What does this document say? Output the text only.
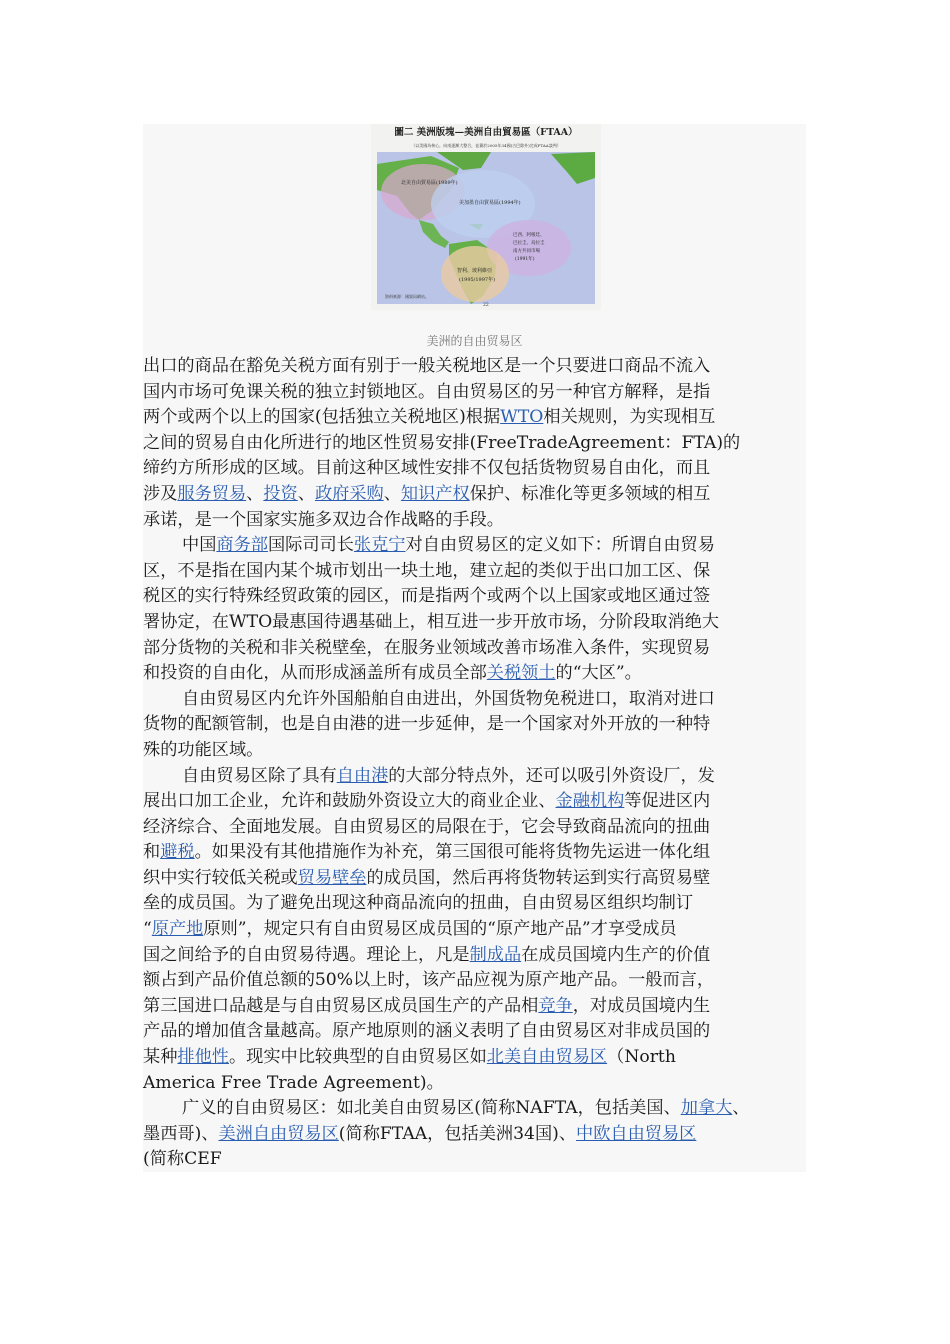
圖二 美洲版塊—美洲自由貿易區（FTAA）
（以美國為核心，向南逐漸大整合，並冀於2005年34國(古巴除外)完成FTAA談判）
北美自由貿易區(1989年)
美加墨自由貿易區(1994年)
巴西、阿根廷、
巴拉圭、烏拉圭
南方共同市場
(1991年)
智利、玻利維亞
(1995/1997年)
資料來源：國貿局網站。
22
美洲的自由贸易区

出口的商品在豁免关税方面有别于一般关税地区是一个只要进口商品不流入

国内市场可免课关税的独立封锁地区。自由贸易区的另一种官方解释，是指

两个或两个以上的国家(包括独立关税地区)根据WTO相关规则，为实现相互

之间的贸易自由化所进行的地区性贸易安排(FreeTradeAgreement：FTA)的

缔约方所形成的区域。目前这种区域性安排不仅包括货物贸易自由化，而且

涉及服务贸易、投资、政府采购、知识产权保护、标准化等更多领域的相互

承诺，是一个国家实施多双边合作战略的手段。

中国商务部国际司司长张克宁对自由贸易区的定义如下：所谓自由贸易

区，不是指在国内某个城市划出一块土地，建立起的类似于出口加工区、保

税区的实行特殊经贸政策的园区，而是指两个或两个以上国家或地区通过签

署协定，在WTO最惠国待遇基础上，相互进一步开放市场，分阶段取消绝大

部分货物的关税和非关税壁垒，在服务业领域改善市场准入条件，实现贸易

和投资的自由化，从而形成涵盖所有成员全部关税领土的“大区”。

自由贸易区内允许外国船舶自由进出，外国货物免税进口，取消对进口

货物的配额管制，也是自由港的进一步延伸，是一个国家对外开放的一种特

殊的功能区域。

自由贸易区除了具有自由港的大部分特点外，还可以吸引外资设厂，发

展出口加工企业，允许和鼓励外资设立大的商业企业、金融机构等促进区内

经济综合、全面地发展。自由贸易区的局限在于，它会导致商品流向的扭曲

和避税。如果没有其他措施作为补充，第三国很可能将货物先运进一体化组

织中实行较低关税或贸易壁垒的成员国，然后再将货物转运到实行高贸易壁

垒的成员国。为了避免出现这种商品流向的扭曲，自由贸易区组织均制订

“原产地原则”，规定只有自由贸易区成员国的“原产地产品”才享受成员

国之间给予的自由贸易待遇。理论上，凡是制成品在成员国境内生产的价值

额占到产品价值总额的50%以上时，该产品应视为原产地产品。一般而言，

第三国进口品越是与自由贸易区成员国生产的产品相竞争，对成员国境内生

产品的增加值含量越高。原产地原则的涵义表明了自由贸易区对非成员国的

某种排他性。现实中比较典型的自由贸易区如北美自由贸易区（North

America Free Trade Agreement)。

广义的自由贸易区：如北美自由贸易区(简称NAFTA，包括美国、加拿大、

墨西哥)、美洲自由贸易区(简称FTAA，包括美洲34国)、中欧自由贸易区

(简称CEF
